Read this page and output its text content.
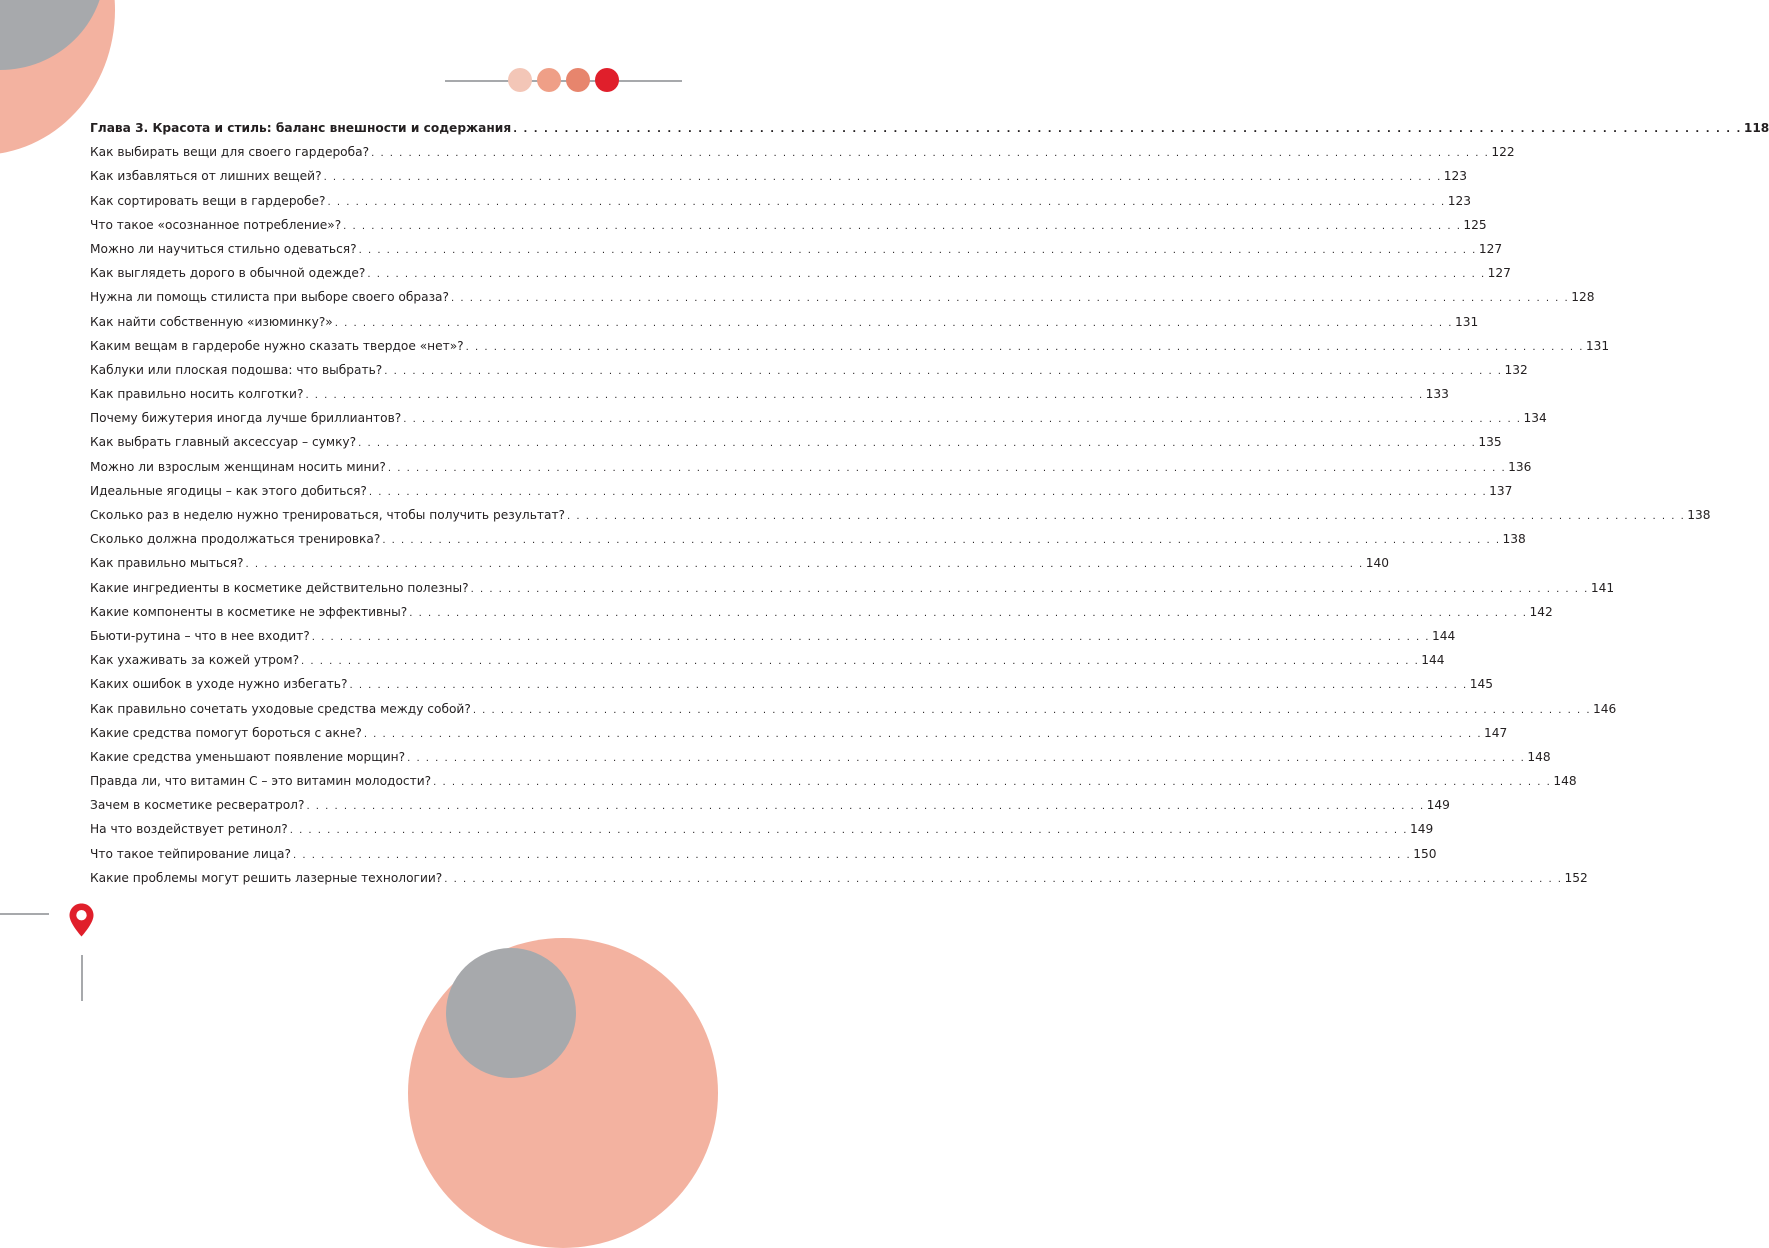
Глава 3. Красота и стиль: баланс внешности и содержания . . . . . . . . . . . . . . . . . . . . . . . . . . . . . . . . . . . . . . . . . . . . . . . . . . . . . . . . . . . . . . . . . . . . . . . . . . . . . . . . . . . . . . . . . . . . . . . . . . . . . . . . . . . . . . . . . . . . . . . . 118
Как выбирать вещи для своего гардероба? . . . . . . . . . . . . . . . . . . . . . . . . . . . . . . . . . . . . . . . . . . . . . . . . . . . . . . . . . . . . . . . . . . . . . . . . . . . . . . . . . . . . . . . . . . . . . . . . . . . . . . . . . . . . . . . . . . . . . . . . 122
Как избавляться от лишних вещей? . . . . . . . . . . . . . . . . . . . . . . . . . . . . . . . . . . . . . . . . . . . . . . . . . . . . . . . . . . . . . . . . . . . . . . . . . . . . . . . . . . . . . . . . . . . . . . . . . . . . . . . . . . . . . . . . . . . . . . . . 123
Как сортировать вещи в гардеробе? . . . . . . . . . . . . . . . . . . . . . . . . . . . . . . . . . . . . . . . . . . . . . . . . . . . . . . . . . . . . . . . . . . . . . . . . . . . . . . . . . . . . . . . . . . . . . . . . . . . . . . . . . . . . . . . . . . . . . . . . 123
Что такое «осознанное потребление»? . . . . . . . . . . . . . . . . . . . . . . . . . . . . . . . . . . . . . . . . . . . . . . . . . . . . . . . . . . . . . . . . . . . . . . . . . . . . . . . . . . . . . . . . . . . . . . . . . . . . . . . . . . . . . . . . . . . . . . . . 125
Можно ли научиться стильно одеваться? . . . . . . . . . . . . . . . . . . . . . . . . . . . . . . . . . . . . . . . . . . . . . . . . . . . . . . . . . . . . . . . . . . . . . . . . . . . . . . . . . . . . . . . . . . . . . . . . . . . . . . . . . . . . . . . . . . . . . . . . 127
Как выглядеть дорого в обычной одежде? . . . . . . . . . . . . . . . . . . . . . . . . . . . . . . . . . . . . . . . . . . . . . . . . . . . . . . . . . . . . . . . . . . . . . . . . . . . . . . . . . . . . . . . . . . . . . . . . . . . . . . . . . . . . . . . . . . . . . . . . 127
Нужна ли помощь стилиста при выборе своего образа? . . . . . . . . . . . . . . . . . . . . . . . . . . . . . . . . . . . . . . . . . . . . . . . . . . . . . . . . . . . . . . . . . . . . . . . . . . . . . . . . . . . . . . . . . . . . . . . . . . . . . . . . . . . . . . . . . . . . . . . . 128
Как найти собственную «изюминку?» . . . . . . . . . . . . . . . . . . . . . . . . . . . . . . . . . . . . . . . . . . . . . . . . . . . . . . . . . . . . . . . . . . . . . . . . . . . . . . . . . . . . . . . . . . . . . . . . . . . . . . . . . . . . . . . . . . . . . . . . 131
Каким вещам в гардеробе нужно сказать твердое «нет»? . . . . . . . . . . . . . . . . . . . . . . . . . . . . . . . . . . . . . . . . . . . . . . . . . . . . . . . . . . . . . . . . . . . . . . . . . . . . . . . . . . . . . . . . . . . . . . . . . . . . . . . . . . . . . . . . . . . . . . . . 131
Каблуки или плоская подошва: что выбрать? . . . . . . . . . . . . . . . . . . . . . . . . . . . . . . . . . . . . . . . . . . . . . . . . . . . . . . . . . . . . . . . . . . . . . . . . . . . . . . . . . . . . . . . . . . . . . . . . . . . . . . . . . . . . . . . . . . . . . . . . 132
Как правильно носить колготки? . . . . . . . . . . . . . . . . . . . . . . . . . . . . . . . . . . . . . . . . . . . . . . . . . . . . . . . . . . . . . . . . . . . . . . . . . . . . . . . . . . . . . . . . . . . . . . . . . . . . . . . . . . . . . . . . . . . . . . . . 133
Почему бижутерия иногда лучше бриллиантов? . . . . . . . . . . . . . . . . . . . . . . . . . . . . . . . . . . . . . . . . . . . . . . . . . . . . . . . . . . . . . . . . . . . . . . . . . . . . . . . . . . . . . . . . . . . . . . . . . . . . . . . . . . . . . . . . . . . . . . . . 134
Как выбрать главный аксессуар – сумку? . . . . . . . . . . . . . . . . . . . . . . . . . . . . . . . . . . . . . . . . . . . . . . . . . . . . . . . . . . . . . . . . . . . . . . . . . . . . . . . . . . . . . . . . . . . . . . . . . . . . . . . . . . . . . . . . . . . . . . . . 135
Можно ли взрослым женщинам носить мини? . . . . . . . . . . . . . . . . . . . . . . . . . . . . . . . . . . . . . . . . . . . . . . . . . . . . . . . . . . . . . . . . . . . . . . . . . . . . . . . . . . . . . . . . . . . . . . . . . . . . . . . . . . . . . . . . . . . . . . . . 136
Идеальные ягодицы – как этого добиться? . . . . . . . . . . . . . . . . . . . . . . . . . . . . . . . . . . . . . . . . . . . . . . . . . . . . . . . . . . . . . . . . . . . . . . . . . . . . . . . . . . . . . . . . . . . . . . . . . . . . . . . . . . . . . . . . . . . . . . . . 137
Сколько раз в неделю нужно тренироваться, чтобы получить результат? . . . . . . . . . . . . . . . . . . . . . . . . . . . . . . . . . . . . . . . . . . . . . . . . . . . . . . . . . . . . . . . . . . . . . . . . . . . . . . . . . . . . . . . . . . . . . . . . . . . . . . . . . . . . . . . . . . . . . . . . 138
Сколько должна продолжаться тренировка? . . . . . . . . . . . . . . . . . . . . . . . . . . . . . . . . . . . . . . . . . . . . . . . . . . . . . . . . . . . . . . . . . . . . . . . . . . . . . . . . . . . . . . . . . . . . . . . . . . . . . . . . . . . . . . . . . . . . . . . . 138
Как правильно мыться? . . . . . . . . . . . . . . . . . . . . . . . . . . . . . . . . . . . . . . . . . . . . . . . . . . . . . . . . . . . . . . . . . . . . . . . . . . . . . . . . . . . . . . . . . . . . . . . . . . . . . . . . . . . . . . . . . . . . . . . . 140
Какие ингредиенты в косметике действительно полезны? . . . . . . . . . . . . . . . . . . . . . . . . . . . . . . . . . . . . . . . . . . . . . . . . . . . . . . . . . . . . . . . . . . . . . . . . . . . . . . . . . . . . . . . . . . . . . . . . . . . . . . . . . . . . . . . . . . . . . . . . 141
Какие компоненты в косметике не эффективны? . . . . . . . . . . . . . . . . . . . . . . . . . . . . . . . . . . . . . . . . . . . . . . . . . . . . . . . . . . . . . . . . . . . . . . . . . . . . . . . . . . . . . . . . . . . . . . . . . . . . . . . . . . . . . . . . . . . . . . . . 142
Бьюти-рутина – что в нее входит? . . . . . . . . . . . . . . . . . . . . . . . . . . . . . . . . . . . . . . . . . . . . . . . . . . . . . . . . . . . . . . . . . . . . . . . . . . . . . . . . . . . . . . . . . . . . . . . . . . . . . . . . . . . . . . . . . . . . . . . . 144
Как ухаживать за кожей утром? . . . . . . . . . . . . . . . . . . . . . . . . . . . . . . . . . . . . . . . . . . . . . . . . . . . . . . . . . . . . . . . . . . . . . . . . . . . . . . . . . . . . . . . . . . . . . . . . . . . . . . . . . . . . . . . . . . . . . . . . 144
Каких ошибок в уходе нужно избегать? . . . . . . . . . . . . . . . . . . . . . . . . . . . . . . . . . . . . . . . . . . . . . . . . . . . . . . . . . . . . . . . . . . . . . . . . . . . . . . . . . . . . . . . . . . . . . . . . . . . . . . . . . . . . . . . . . . . . . . . . 145
Как правильно сочетать уходовые средства между собой? . . . . . . . . . . . . . . . . . . . . . . . . . . . . . . . . . . . . . . . . . . . . . . . . . . . . . . . . . . . . . . . . . . . . . . . . . . . . . . . . . . . . . . . . . . . . . . . . . . . . . . . . . . . . . . . . . . . . . . . . 146
Какие средства помогут бороться с акне? . . . . . . . . . . . . . . . . . . . . . . . . . . . . . . . . . . . . . . . . . . . . . . . . . . . . . . . . . . . . . . . . . . . . . . . . . . . . . . . . . . . . . . . . . . . . . . . . . . . . . . . . . . . . . . . . . . . . . . . . 147
Какие средства уменьшают появление морщин? . . . . . . . . . . . . . . . . . . . . . . . . . . . . . . . . . . . . . . . . . . . . . . . . . . . . . . . . . . . . . . . . . . . . . . . . . . . . . . . . . . . . . . . . . . . . . . . . . . . . . . . . . . . . . . . . . . . . . . . . 148
Правда ли, что витамин С – это витамин молодости? . . . . . . . . . . . . . . . . . . . . . . . . . . . . . . . . . . . . . . . . . . . . . . . . . . . . . . . . . . . . . . . . . . . . . . . . . . . . . . . . . . . . . . . . . . . . . . . . . . . . . . . . . . . . . . . . . . . . . . . . 148
Зачем в косметике ресвератрол? . . . . . . . . . . . . . . . . . . . . . . . . . . . . . . . . . . . . . . . . . . . . . . . . . . . . . . . . . . . . . . . . . . . . . . . . . . . . . . . . . . . . . . . . . . . . . . . . . . . . . . . . . . . . . . . . . . . . . . . . 149
На что воздействует ретинол? . . . . . . . . . . . . . . . . . . . . . . . . . . . . . . . . . . . . . . . . . . . . . . . . . . . . . . . . . . . . . . . . . . . . . . . . . . . . . . . . . . . . . . . . . . . . . . . . . . . . . . . . . . . . . . . . . . . . . . . . 149
Что такое тейпирование лица? . . . . . . . . . . . . . . . . . . . . . . . . . . . . . . . . . . . . . . . . . . . . . . . . . . . . . . . . . . . . . . . . . . . . . . . . . . . . . . . . . . . . . . . . . . . . . . . . . . . . . . . . . . . . . . . . . . . . . . . . 150
Какие проблемы могут решить лазерные технологии? . . . . . . . . . . . . . . . . . . . . . . . . . . . . . . . . . . . . . . . . . . . . . . . . . . . . . . . . . . . . . . . . . . . . . . . . . . . . . . . . . . . . . . . . . . . . . . . . . . . . . . . . . . . . . . . . . . . . . . . . 152
